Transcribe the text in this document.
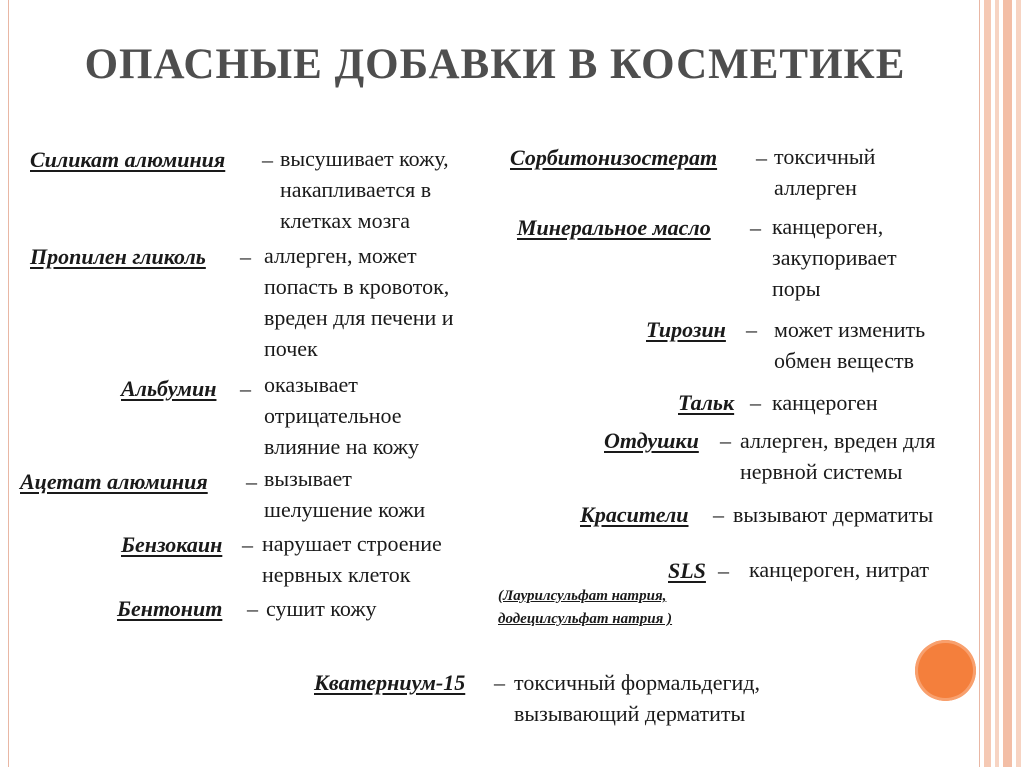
ОПАСНЫЕ ДОБАВКИ В КОСМЕТИКЕ
Силикат алюминия – высушивает кожу,
накапливается в
клетках мозга
Пропилен гликоль – аллерген, может
попасть в кровоток,
вреден для печени и
почек
Альбумин – оказывает
отрицательное
влияние на кожу
Ацетат алюминия – вызывает
шелушение кожи
Бензокаин – нарушает строение
нервных клеток
Бентонит – сушит кожу
Сорбитонизостерат – токсичный
аллерген
Минеральное масло – канцероген,
закупоривает
поры
Тирозин – может изменить
обмен веществ
Тальк – канцероген
Отдушки – аллерген, вреден для
нервной системы
Красители – вызывают дерматиты
SLS – канцероген, нитрат
(Лаурилсульфат натрия,
додецилсульфат натрия )
Кватерниум-15 – токсичный формальдегид,
вызывающий дерматиты
